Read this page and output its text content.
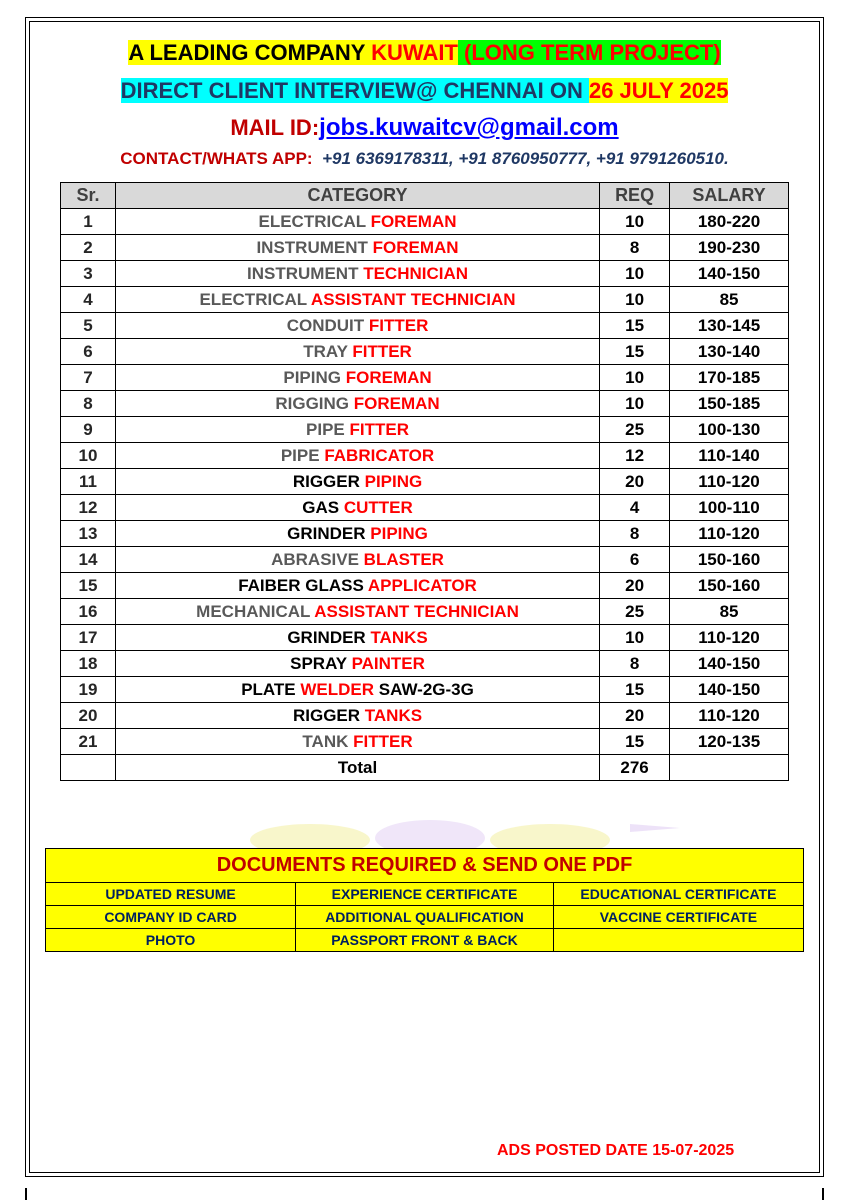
A LEADING COMPANY KUWAIT (LONG TERM PROJECT)
DIRECT CLIENT INTERVIEW@ CHENNAI ON 26 JULY 2025
MAIL ID:jobs.kuwaitcv@gmail.com
CONTACT/WHATS APP: +91 6369178311, +91 8760950777, +91 9791260510.
Sr.	CATEGORY	REQ	SALARY
1	ELECTRICAL FOREMAN	10	180-220
2	INSTRUMENT FOREMAN	8	190-230
3	INSTRUMENT TECHNICIAN	10	140-150
4	ELECTRICAL ASSISTANT TECHNICIAN	10	85
5	CONDUIT FITTER	15	130-145
6	TRAY FITTER	15	130-140
7	PIPING FOREMAN	10	170-185
8	RIGGING FOREMAN	10	150-185
9	PIPE FITTER	25	100-130
10	PIPE FABRICATOR	12	110-140
11	RIGGER PIPING	20	110-120
12	GAS CUTTER	4	100-110
13	GRINDER PIPING	8	110-120
14	ABRASIVE BLASTER	6	150-160
15	FAIBER GLASS APPLICATOR	20	150-160
16	MECHANICAL ASSISTANT TECHNICIAN	25	85
17	GRINDER TANKS	10	110-120
18	SPRAY PAINTER	8	140-150
19	PLATE WELDER SAW-2G-3G	15	140-150
20	RIGGER TANKS	20	110-120
21	TANK FITTER	15	120-135
	Total	276	
DOCUMENTS REQUIRED & SEND ONE PDF		
UPDATED RESUME	EXPERIENCE CERTIFICATE	EDUCATIONAL CERTIFICATE
COMPANY ID CARD	ADDITIONAL QUALIFICATION	VACCINE CERTIFICATE
PHOTO	PASSPORT FRONT & BACK	
ADS POSTED DATE 15-07-2025
